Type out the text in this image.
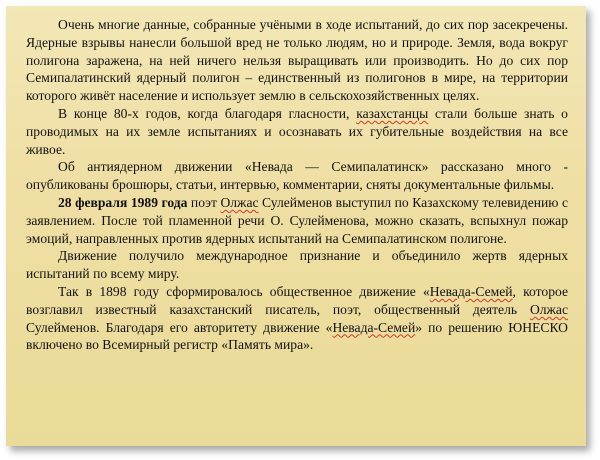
Очень многие данные, собранные учёными в ходе испытаний, до сих пор засекречены. Ядерные взрывы нанесли большой вред не только людям, но и природе. Земля, вода вокруг полигона заражена, на ней ничего нельзя выращивать или производить. Но до сих пор Семипалатинский ядерный полигон – единственный из полигонов в мире, на территории которого живёт население и использует землю в сельскохозяйственных целях.

В конце 80-х годов, когда благодаря гласности, казахстанцы стали больше знать о проводимых на их земле испытаниях и осознавать их губительные воздействия на все живое.

Об антиядерном движении «Невада — Семипалатинск» рассказано много - опубликованы брошюры, статьи, интервью, комментарии, сняты документальные фильмы.

28 февраля 1989 года поэт Олжас Сулейменов выступил по Казахскому телевидению с заявлением. После той пламенной речи О. Сулейменова, можно сказать, вспыхнул пожар эмоций, направленных против ядерных испытаний на Семипалатинском полигоне.

Движение получило международное признание и объединило жертв ядерных испытаний по всему миру.

Так в 1898 году сформировалось общественное движение «Невада-Семей, которое возглавил известный казахстанский писатель, поэт, общественный деятель Олжас Сулейменов. Благодаря его авторитету движение «Невада-Семей» по решению ЮНЕСКО включено во Всемирный регистр «Память мира».
